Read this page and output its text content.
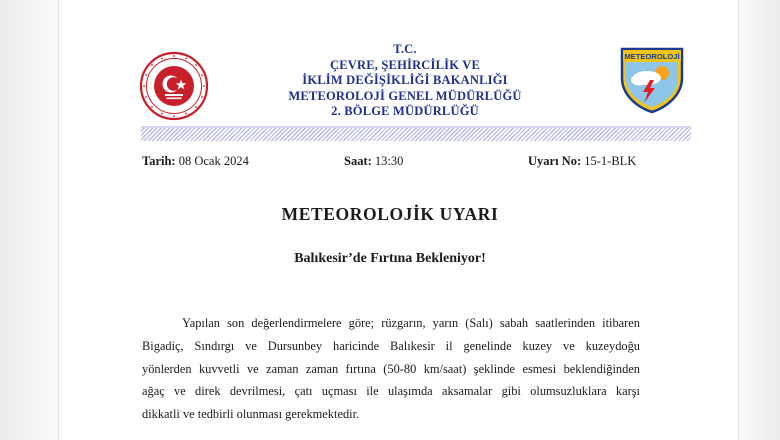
METEOROLOJİ
T.C.
ÇEVRE, ŞEHİRCİLİK VE
İKLİM DEĞİŞİKLİĞİ BAKANLIĞI
METEOROLOJİ GENEL MÜDÜRLÜĞÜ
2. BÖLGE MÜDÜRLÜĞÜ
Tarih: 08 Ocak 2024	Saat: 13:30	Uyarı No: 15-1-BLK
METEOROLOJİK UYARI
Balıkesir’de Fırtına Bekleniyor!
Yapılan son değerlendirmelere göre; rüzgarın, yarın (Salı) sabah saatlerinden itibaren
Bigadiç, Sındırgı ve Dursunbey haricinde Balıkesir il genelinde kuzey ve kuzeydoğu
yönlerden kuvvetli ve zaman zaman fırtına (50-80 km/saat) şeklinde esmesi beklendiğinden
ağaç ve direk devrilmesi, çatı uçması ile ulaşımda aksamalar gibi olumsuzluklara karşı
dikkatli ve tedbirli olunması gerekmektedir.
